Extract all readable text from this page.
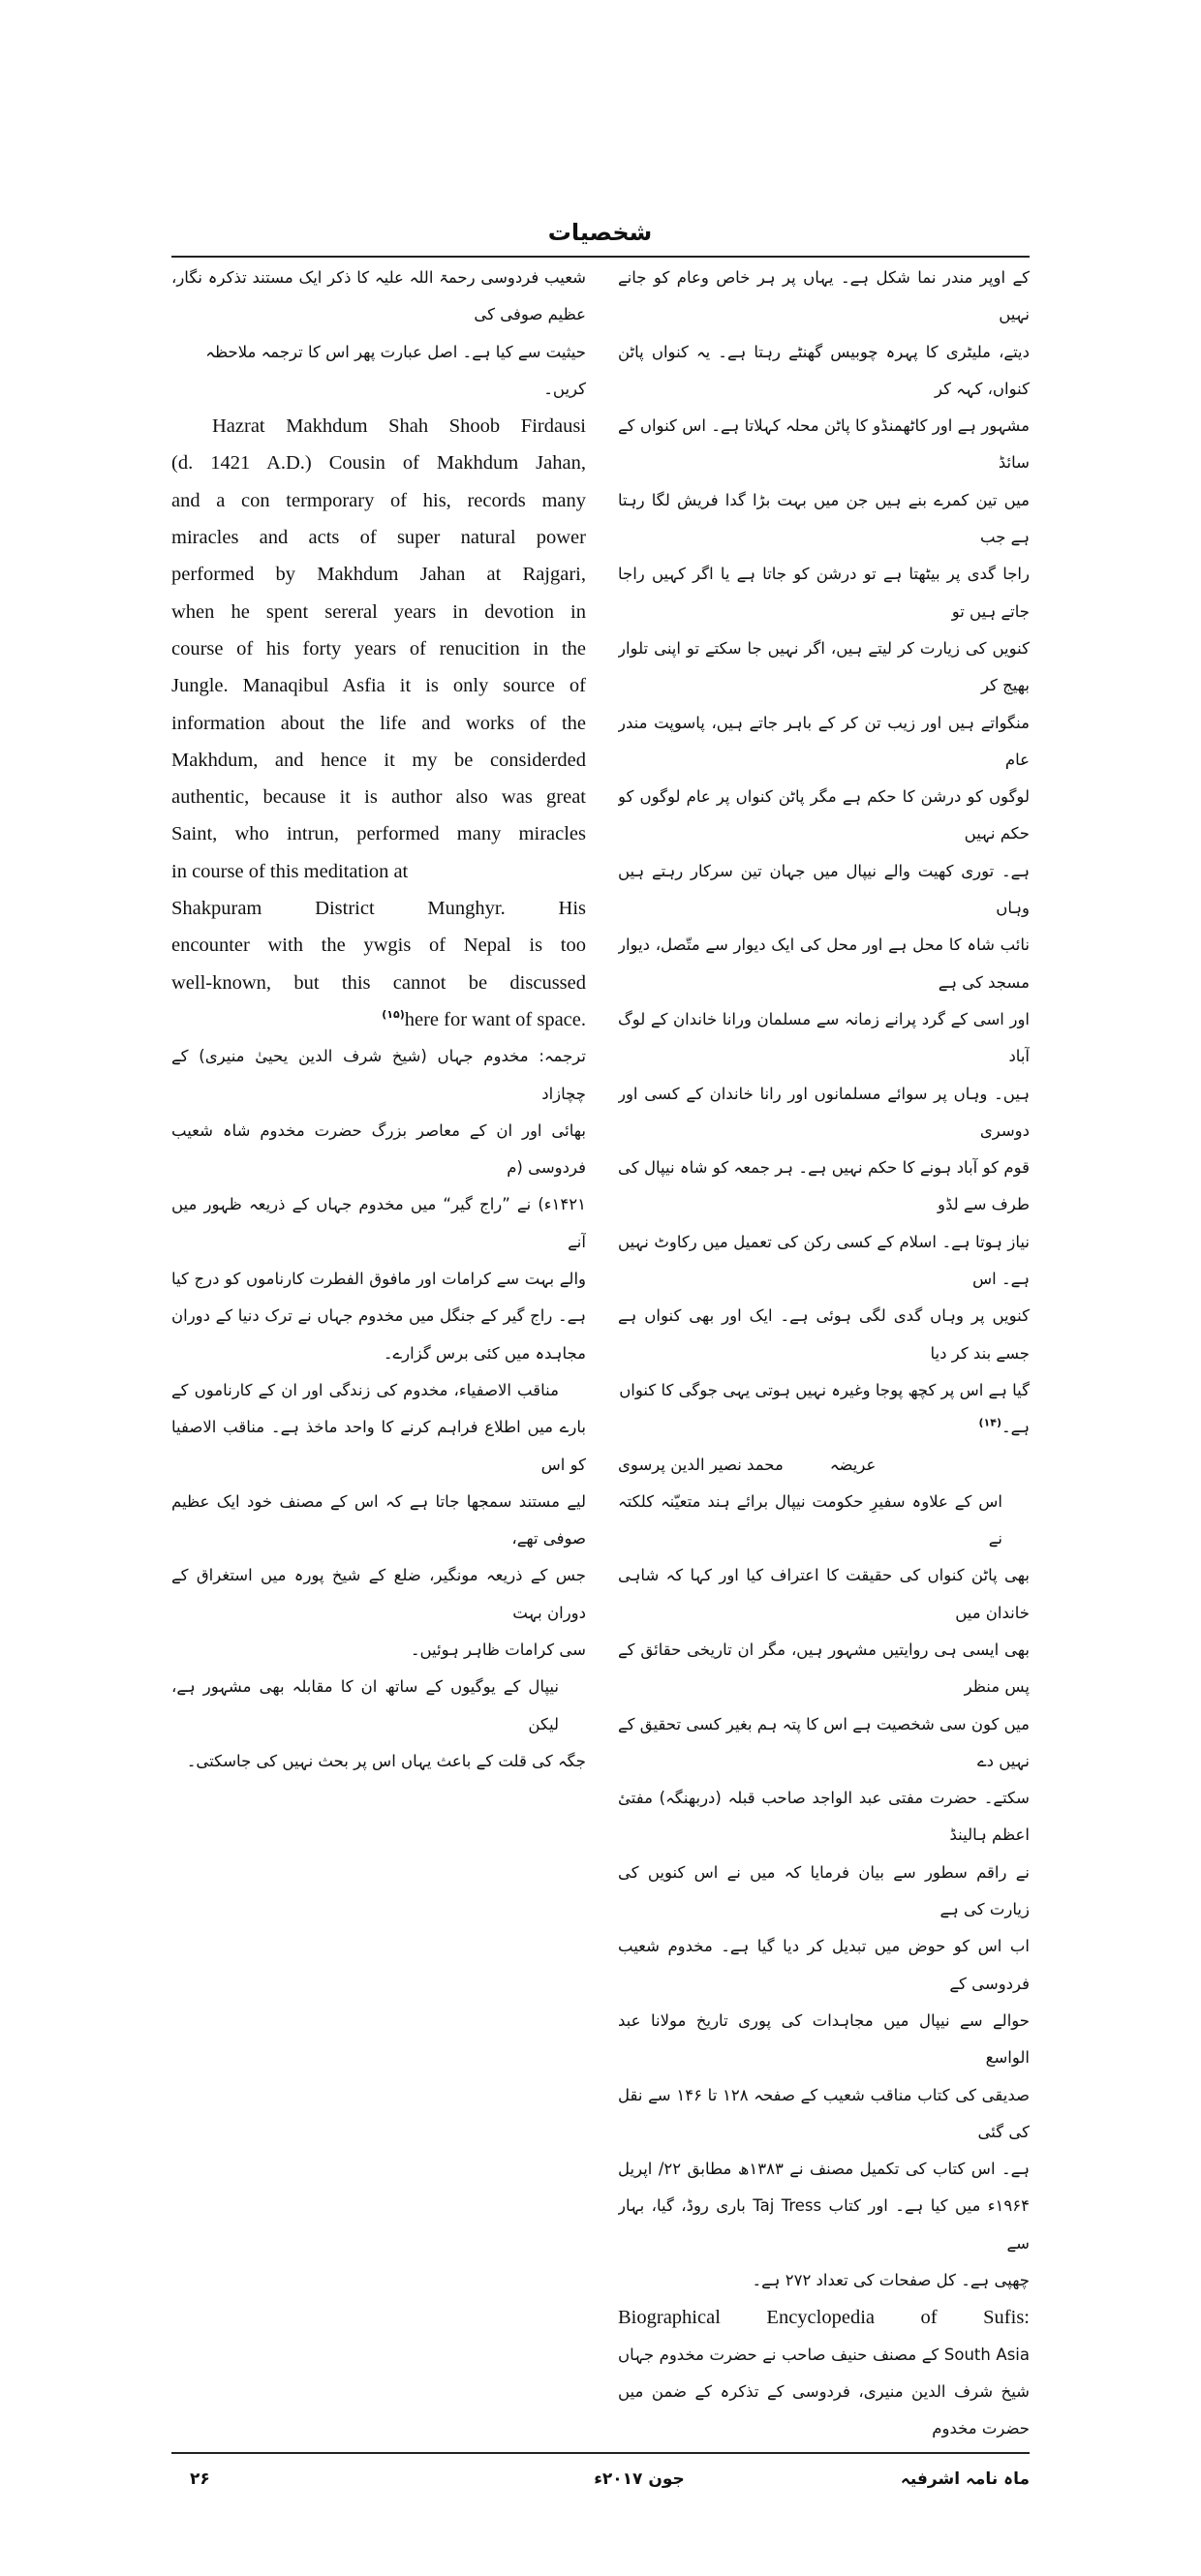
شخصیات
شعیب فردوسی رحمۃ اللہ علیہ کا ذکر ایک مستند تذکرہ نگار، عظیم صوفی کی
حیثیت سے کیا ہے۔ اصل عبارت پھر اس کا ترجمہ ملاحظہ کریں۔
Hazrat Makhdum Shah Shoob Firdausi
(d. 1421 A.D.) Cousin of Makhdum Jahan,
and a con termporary of his, records many
miracles and acts of super natural power
performed by Makhdum Jahan at Rajgari,
when he spent sereral years in devotion in
course of his forty years of renucition in the
Jungle. Manaqibul Asfia it is only source of
information about the life and works of the
Makhdum, and hence it my be considerded
authentic, because it is author also was great
Saint, who intrun, performed many miracles
in course of this meditation at
Shakpuram District Munghyr. His
encounter with the ywgis of Nepal is too
well-known, but this cannot be discussed
$^{(۱۵)}$here for want of space.
ترجمہ: مخدوم جہاں (شیخ شرف الدین یحییٰ منیری) کے چچازاد
بھائی اور ان کے معاصر بزرگ حضرت مخدوم شاہ شعیب فردوسی (م
۱۴۲۱ء) نے ”راج گیر“ میں مخدوم جہاں کے ذریعہ ظہور میں آنے
والے بہت سے کرامات اور مافوق الفطرت کارناموں کو درج کیا
ہے۔ راج گیر کے جنگل میں مخدوم جہاں نے ترک دنیا کے دوران
مجاہدہ میں کئی برس گزارے۔
مناقب الاصفیاء، مخدوم کی زندگی اور ان کے کارناموں کے
بارے میں اطلاع فراہم کرنے کا واحد ماخذ ہے۔ مناقب الاصفیا کو اس
لیے مستند سمجھا جاتا ہے کہ اس کے مصنف خود ایک عظیم صوفی تھے،
جس کے ذریعہ مونگیر، ضلع کے شیخ پورہ میں استغراق کے دوران بہت
سی کرامات ظاہر ہوئیں۔
نیپال کے یوگیوں کے ساتھ ان کا مقابلہ بھی مشہور ہے، لیکن
جگہ کی قلت کے باعث یہاں اس پر بحث نہیں کی جاسکتی۔
کے اوپر مندر نما شکل ہے۔ یہاں پر ہر خاص وعام کو جانے نہیں
دیتے، ملیٹری کا پہرہ چوبیس گھنٹے رہتا ہے۔ یہ کنواں پاٹن کنواں، کہہ کر
مشہور ہے اور کاٹھمنڈو کا پاٹن محلہ کہلاتا ہے۔ اس کنواں کے سائڈ
میں تین کمرے بنے ہیں جن میں بہت بڑا گدا فریش لگا رہتا ہے جب
راجا گدی پر بیٹھتا ہے تو درشن کو جاتا ہے یا اگر کہیں راجا جاتے ہیں تو
کنویں کی زیارت کر لیتے ہیں، اگر نہیں جا سکتے تو اپنی تلوار بھیج کر
منگواتے ہیں اور زیب تن کر کے باہر جاتے ہیں، پاسوپت مندر عام
لوگوں کو درشن کا حکم ہے مگر پاٹن کنواں پر عام لوگوں کو حکم نہیں
ہے۔ توری کھیت والے نیپال میں جہان تین سرکار رہتے ہیں وہاں
نائب شاہ کا محل ہے اور محل کی ایک دیوار سے متّصل، دیوار مسجد کی ہے
اور اسی کے گرد پرانے زمانہ سے مسلمان ورانا خاندان کے لوگ آباد
ہیں۔ وہاں پر سوائے مسلمانوں اور رانا خاندان کے کسی اور دوسری
قوم کو آباد ہونے کا حکم نہیں ہے۔ ہر جمعہ کو شاہ نیپال کی طرف سے لڈو
نیاز ہوتا ہے۔ اسلام کے کسی رکن کی تعمیل میں رکاوٹ نہیں ہے۔ اس
کنویں پر وہاں گدی لگی ہوئی ہے۔ ایک اور بھی کنواں ہے جسے بند کر دیا
گیا ہے اس پر کچھ پوجا وغیرہ نہیں ہوتی یہی جوگی کا کنواں ہے۔$^{(۱۴)}$
عریضہمحمد نصیر الدین پرسوی
اس کے علاوہ سفیرِ حکومت نیپال برائے ہند متعیّنہ کلکتہ نے
بھی پاٹن کنواں کی حقیقت کا اعتراف کیا اور کہا کہ شاہی خاندان میں
بھی ایسی ہی روایتیں مشہور ہیں، مگر ان تاریخی حقائق کے پس منظر
میں کون سی شخصیت ہے اس کا پتہ ہم بغیر کسی تحقیق کے نہیں دے
سکتے۔ حضرت مفتی عبد الواجد صاحب قبلہ (دربھنگہ) مفتیٔ اعظم ہالینڈ
نے راقم سطور سے بیان فرمایا کہ میں نے اس کنویں کی زیارت کی ہے
اب اس کو حوض میں تبدیل کر دیا گیا ہے۔ مخدوم شعیب فردوسی کے
حوالے سے نیپال میں مجاہدات کی پوری تاریخ مولانا عبد الواسع
صدیقی کی کتاب مناقب شعیب کے صفحہ ۱۲۸ تا ۱۴۶ سے نقل کی گئی
ہے۔ اس کتاب کی تکمیل مصنف نے ۱۳۸۳ھ مطابق ۲۲/ اپریل
۱۹۶۴ء میں کیا ہے۔ اور کتاب Taj Tress باری روڈ، گیا، بہار سے
چھپی ہے۔ کل صفحات کی تعداد ۲۷۲ ہے۔
Biographical Encyclopedia of Sufis:
South Asia کے مصنف حنیف صاحب نے حضرت مخدوم جہاں
شیخ شرف الدین منیری، فردوسی کے تذکرہ کے ضمن میں حضرت مخدوم
۲۶	جون ۲۰۱۷ء	ماہ نامہ اشرفیہ
